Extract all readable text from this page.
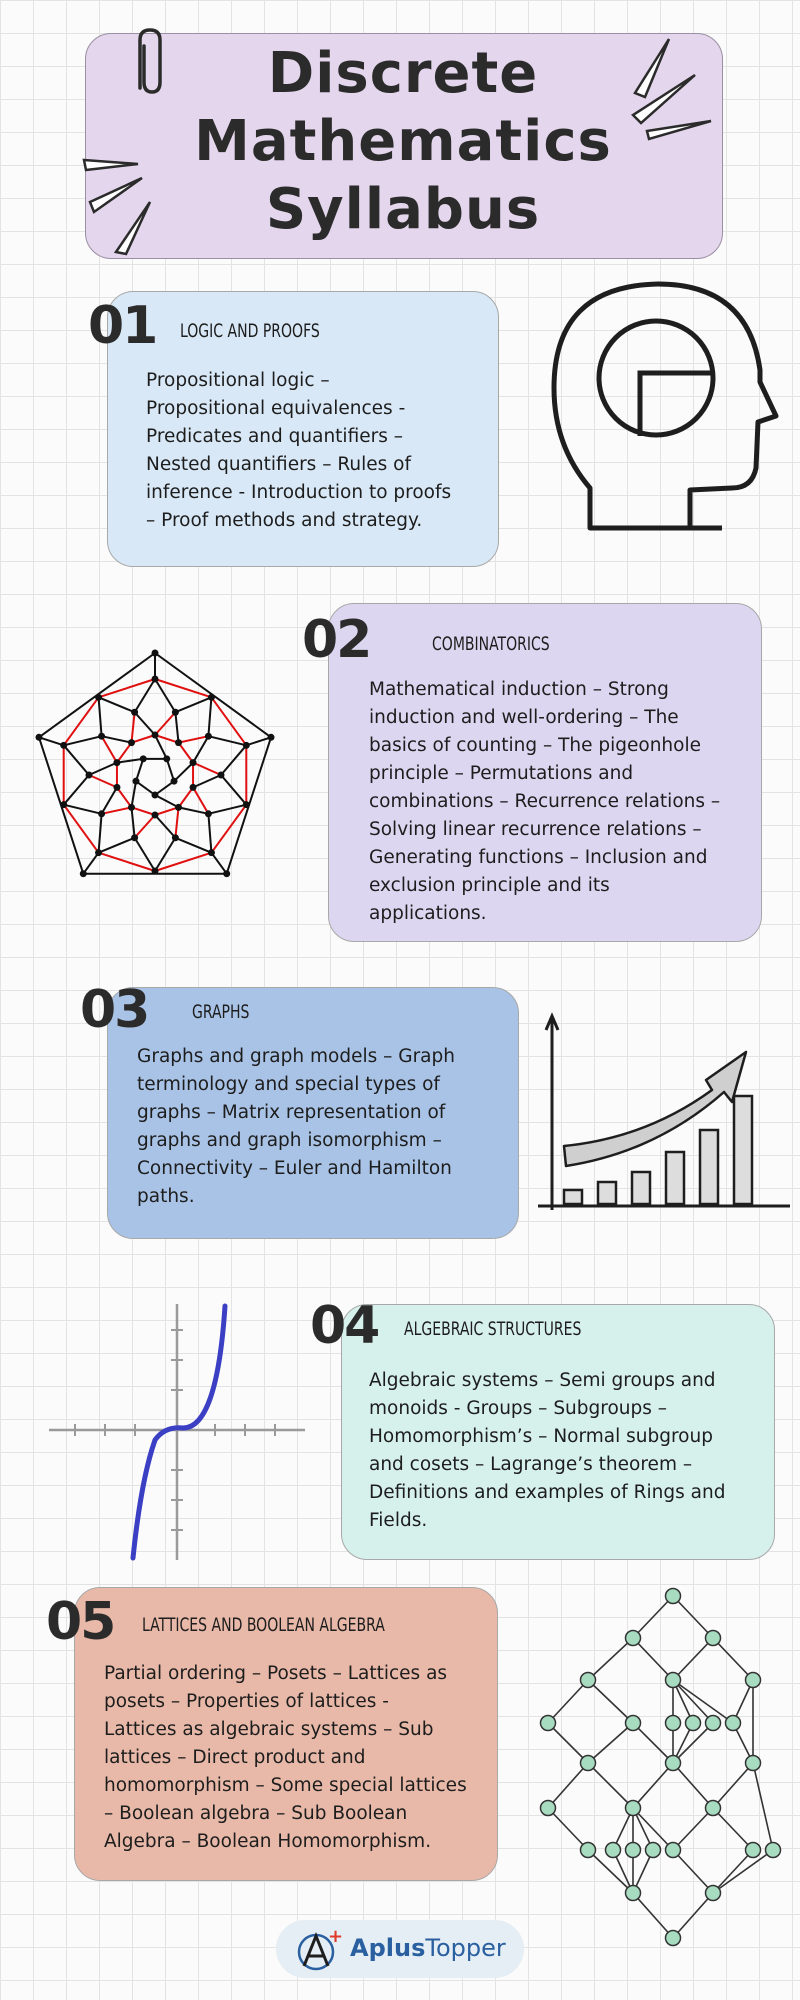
Discrete
Mathematics
Syllabus
01 LOGIC AND PROOFS
Propositional logic –
Propositional equivalences -
Predicates and quantifiers –
Nested quantifiers – Rules of
inference - Introduction to proofs
– Proof methods and strategy.
02	COMBINATORICS
Mathematical induction – Strong
induction and well-ordering – The
basics of counting – The pigeonhole
principle – Permutations and
combinations – Recurrence relations –
Solving linear recurrence relations –
Generating functions – Inclusion and
exclusion principle and its
applications.
03 GRAPHS
Graphs and graph models – Graph
terminology and special types of
graphs – Matrix representation of
graphs and graph isomorphism –
Connectivity – Euler and Hamilton
paths.
04 ALGEBRAIC STRUCTURES
Algebraic systems – Semi groups and
monoids - Groups – Subgroups –
Homomorphism’s – Normal subgroup
and cosets – Lagrange’s theorem –
Definitions and examples of Rings and
Fields.
05 LATTICES AND BOOLEAN ALGEBRA
Partial ordering – Posets – Lattices as
posets – Properties of lattices -
Lattices as algebraic systems – Sub
lattices – Direct product and
homomorphism – Some special lattices
– Boolean algebra – Sub Boolean
Algebra – Boolean Homomorphism.
+ AplusTopper
